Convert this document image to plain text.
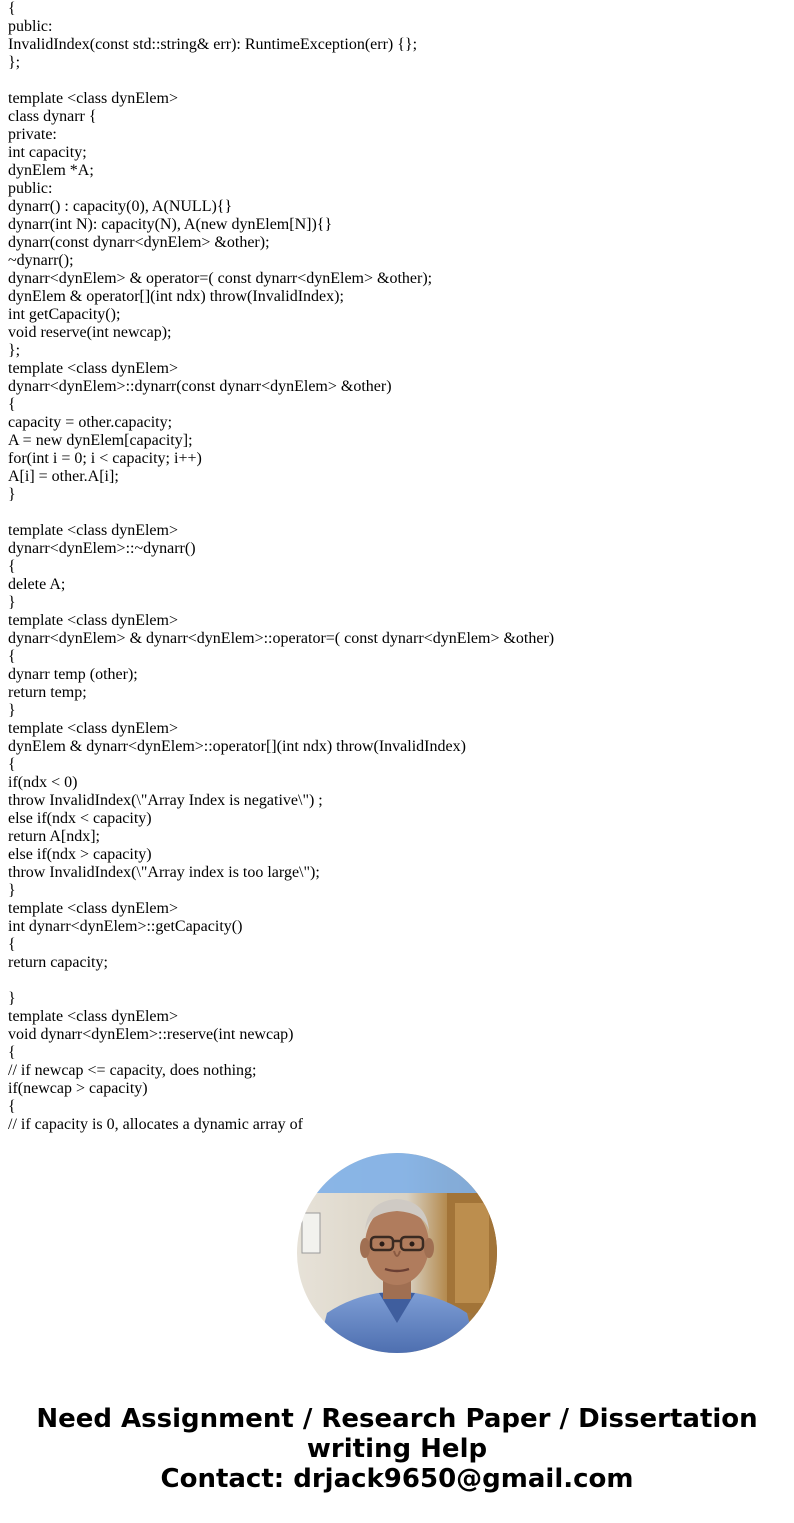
{
public:
InvalidIndex(const std::string& err): RuntimeException(err) {};
};
template <class dynElem>
class dynarr {
private:
int capacity;
dynElem *A;
public:
dynarr() : capacity(0), A(NULL){}
dynarr(int N): capacity(N), A(new dynElem[N]){}
dynarr(const dynarr<dynElem> &other);
~dynarr();
dynarr<dynElem> & operator=( const dynarr<dynElem> &other);
dynElem & operator[](int ndx) throw(InvalidIndex);
int getCapacity();
void reserve(int newcap);
};
template <class dynElem>
dynarr<dynElem>::dynarr(const dynarr<dynElem> &other)
{
capacity = other.capacity;
A = new dynElem[capacity];
for(int i = 0; i < capacity; i++)
A[i] = other.A[i];
}
template <class dynElem>
dynarr<dynElem>::~dynarr()
{
delete A;
}
template <class dynElem>
dynarr<dynElem> & dynarr<dynElem>::operator=( const dynarr<dynElem> &other)
{
dynarr temp (other);
return temp;
}
template <class dynElem>
dynElem & dynarr<dynElem>::operator[](int ndx) throw(InvalidIndex)
{
if(ndx < 0)
throw InvalidIndex(\"Array Index is negative\") ;
else if(ndx < capacity)
return A[ndx];
else if(ndx > capacity)
throw InvalidIndex(\"Array index is too large\");
}
template <class dynElem>
int dynarr<dynElem>::getCapacity()
{
return capacity;
}
template <class dynElem>
void dynarr<dynElem>::reserve(int newcap)
{
// if newcap <= capacity, does nothing;
if(newcap > capacity)
{
// if capacity is 0, allocates a dynamic array of
Need Assignment / Research Paper / Dissertation
writing Help
Contact: drjack9650@gmail.com
